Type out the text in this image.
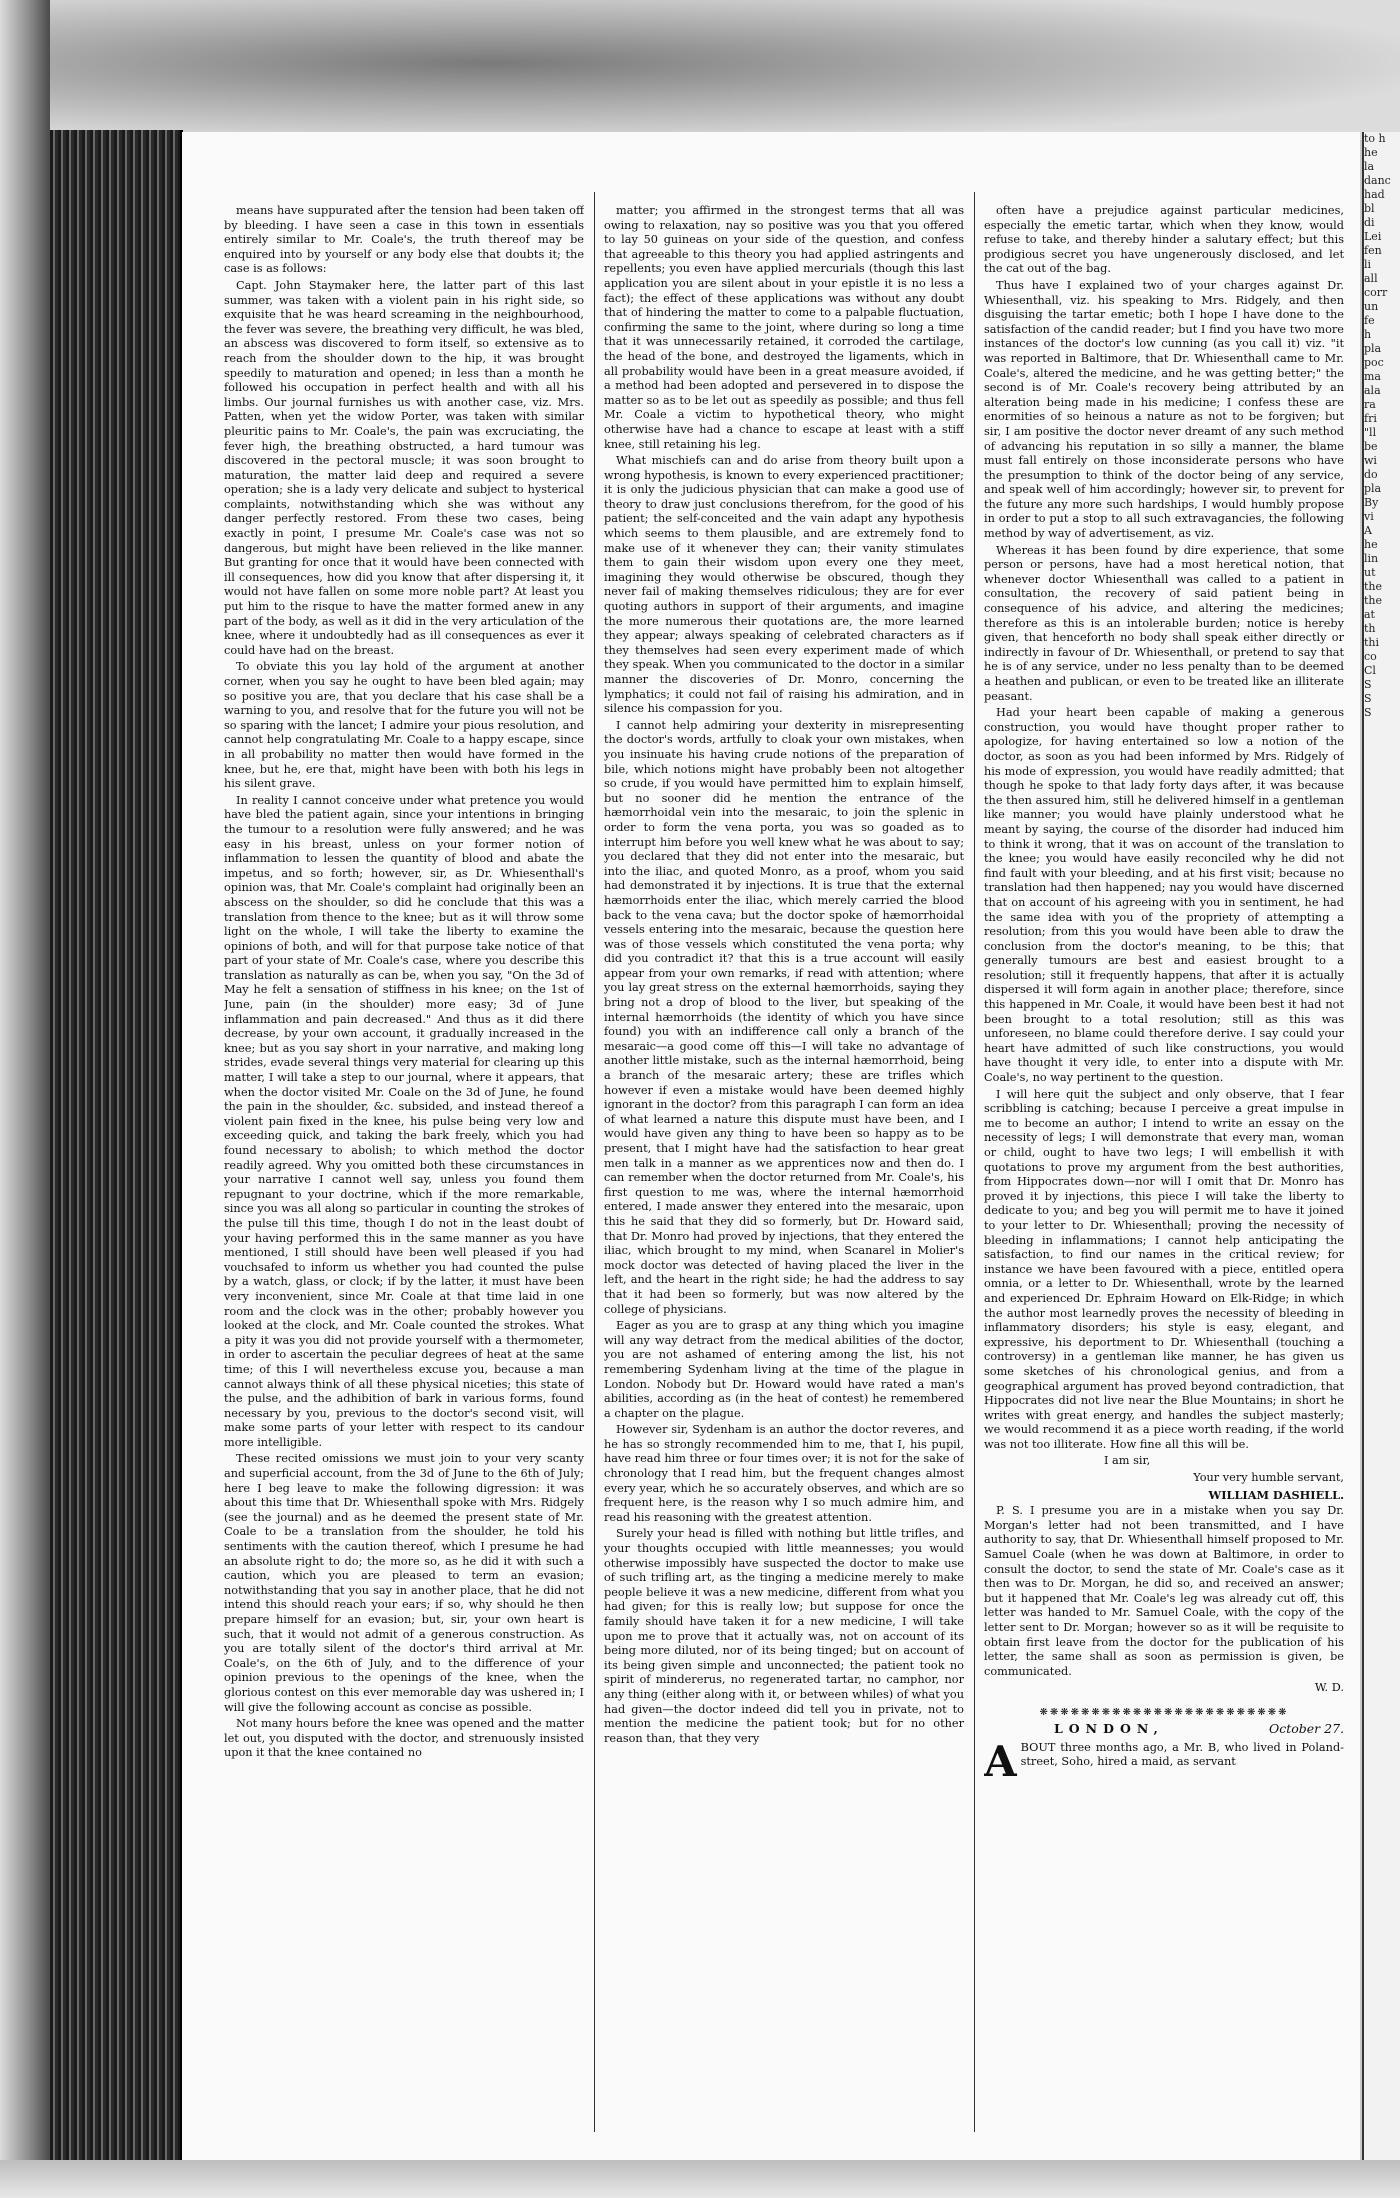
means have suppurated after the tension had been taken off by bleeding. I have seen a case in this town in essentials entirely similar to Mr. Coale's, the truth thereof may be enquired into by yourself or any body else that doubts it; the case is as follows:

Capt. John Staymaker here, the latter part of this last summer, was taken with a violent pain in his right side, so exquisite that he was heard screaming in the neighbourhood, the fever was severe, the breathing very difficult, he was bled, an abscess was discovered to form itself, so extensive as to reach from the shoulder down to the hip, it was brought speedily to maturation and opened; in less than a month he followed his occupation in perfect health and with all his limbs. Our journal furnishes us with another case, viz. Mrs. Patten, when yet the widow Porter, was taken with similar pleuritic pains to Mr. Coale's, the pain was excruciating, the fever high, the breathing obstructed, a hard tumour was discovered in the pectoral muscle; it was soon brought to maturation, the matter laid deep and required a severe operation; she is a lady very delicate and subject to hysterical complaints, notwithstanding which she was without any danger perfectly restored. From these two cases, being exactly in point, I presume Mr. Coale's case was not so dangerous, but might have been relieved in the like manner. But granting for once that it would have been connected with ill consequences, how did you know that after dispersing it, it would not have fallen on some more noble part? At least you put him to the risque to have the matter formed anew in any part of the body, as well as it did in the very articulation of the knee, where it undoubtedly had as ill consequences as ever it could have had on the breast.

To obviate this you lay hold of the argument at another corner, when you say he ought to have been bled again; may so positive you are, that you declare that his case shall be a warning to you, and resolve that for the future you will not be so sparing with the lancet; I admire your pious resolution, and cannot help congratulating Mr. Coale to a happy escape, since in all probability no matter then would have formed in the knee, but he, ere that, might have been with both his legs in his silent grave.

In reality I cannot conceive under what pretence you would have bled the patient again, since your intentions in bringing the tumour to a resolution were fully answered; and he was easy in his breast, unless on your former notion of inflammation to lessen the quantity of blood and abate the impetus, and so forth; however, sir, as Dr. Whiesenthall's opinion was, that Mr. Coale's complaint had originally been an abscess on the shoulder, so did he conclude that this was a translation from thence to the knee; but as it will throw some light on the whole, I will take the liberty to examine the opinions of both, and will for that purpose take notice of that part of your state of Mr. Coale's case, where you describe this translation as naturally as can be, when you say, "On the 3d of May he felt a sensation of stiffness in his knee; on the 1st of June, pain (in the shoulder) more easy; 3d of June inflammation and pain decreased." And thus as it did there decrease, by your own account, it gradually increased in the knee; but as you say short in your narrative, and making long strides, evade several things very material for clearing up this matter, I will take a step to our journal, where it appears, that when the doctor visited Mr. Coale on the 3d of June, he found the pain in the shoulder, &c. subsided, and instead thereof a violent pain fixed in the knee, his pulse being very low and exceeding quick, and taking the bark freely, which you had found necessary to abolish; to which method the doctor readily agreed. Why you omitted both these circumstances in your narrative I cannot well say, unless you found them repugnant to your doctrine, which if the more remarkable, since you was all along so particular in counting the strokes of the pulse till this time, though I do not in the least doubt of your having performed this in the same manner as you have mentioned, I still should have been well pleased if you had vouchsafed to inform us whether you had counted the pulse by a watch, glass, or clock; if by the latter, it must have been very inconvenient, since Mr. Coale at that time laid in one room and the clock was in the other; probably however you looked at the clock, and Mr. Coale counted the strokes. What a pity it was you did not provide yourself with a thermometer, in order to ascertain the peculiar degrees of heat at the same time; of this I will nevertheless excuse you, because a man cannot always think of all these physical niceties; this state of the pulse, and the adhibition of bark in various forms, found necessary by you, previous to the doctor's second visit, will make some parts of your letter with respect to its candour more intelligible.

These recited omissions we must join to your very scanty and superficial account, from the 3d of June to the 6th of July; here I beg leave to make the following digression: it was about this time that Dr. Whiesenthall spoke with Mrs. Ridgely (see the journal) and as he deemed the present state of Mr. Coale to be a translation from the shoulder, he told his sentiments with the caution thereof, which I presume he had an absolute right to do; the more so, as he did it with such a caution, which you are pleased to term an evasion; notwithstanding that you say in another place, that he did not intend this should reach your ears; if so, why should he then prepare himself for an evasion; but, sir, your own heart is such, that it would not admit of a generous construction. As you are totally silent of the doctor's third arrival at Mr. Coale's, on the 6th of July, and to the difference of your opinion previous to the openings of the knee, when the glorious contest on this ever memorable day was ushered in; I will give the following account as concise as possible.

Not many hours before the knee was opened and the matter let out, you disputed with the doctor, and strenuously insisted upon it that the knee contained no

matter; you affirmed in the strongest terms that all was owing to relaxation, nay so positive was you that you offered to lay 50 guineas on your side of the question, and confess that agreeable to this theory you had applied astringents and repellents; you even have applied mercurials (though this last application you are silent about in your epistle it is no less a fact); the effect of these applications was without any doubt that of hindering the matter to come to a palpable fluctuation, confirming the same to the joint, where during so long a time that it was unnecessarily retained, it corroded the cartilage, the head of the bone, and destroyed the ligaments, which in all probability would have been in a great measure avoided, if a method had been adopted and persevered in to dispose the matter so as to be let out as speedily as possible; and thus fell Mr. Coale a victim to hypothetical theory, who might otherwise have had a chance to escape at least with a stiff knee, still retaining his leg.

What mischiefs can and do arise from theory built upon a wrong hypothesis, is known to every experienced practitioner; it is only the judicious physician that can make a good use of theory to draw just conclusions therefrom, for the good of his patient; the self-conceited and the vain adapt any hypothesis which seems to them plausible, and are extremely fond to make use of it whenever they can; their vanity stimulates them to gain their wisdom upon every one they meet, imagining they would otherwise be obscured, though they never fail of making themselves ridiculous; they are for ever quoting authors in support of their arguments, and imagine the more numerous their quotations are, the more learned they appear; always speaking of celebrated characters as if they themselves had seen every experiment made of which they speak. When you communicated to the doctor in a similar manner the discoveries of Dr. Monro, concerning the lymphatics; it could not fail of raising his admiration, and in silence his compassion for you.

I cannot help admiring your dexterity in misrepresenting the doctor's words, artfully to cloak your own mistakes, when you insinuate his having crude notions of the preparation of bile, which notions might have probably been not altogether so crude, if you would have permitted him to explain himself, but no sooner did he mention the entrance of the hæmorrhoidal vein into the mesaraic, to join the splenic in order to form the vena porta, you was so goaded as to interrupt him before you well knew what he was about to say; you declared that they did not enter into the mesaraic, but into the iliac, and quoted Monro, as a proof, whom you said had demonstrated it by injections. It is true that the external hæmorrhoids enter the iliac, which merely carried the blood back to the vena cava; but the doctor spoke of hæmorrhoidal vessels entering into the mesaraic, because the question here was of those vessels which constituted the vena porta; why did you contradict it? that this is a true account will easily appear from your own remarks, if read with attention; where you lay great stress on the external hæmorrhoids, saying they bring not a drop of blood to the liver, but speaking of the internal hæmorrhoids (the identity of which you have since found) you with an indifference call only a branch of the mesaraic—a good come off this—I will take no advantage of another little mistake, such as the internal hæmorrhoid, being a branch of the mesaraic artery; these are trifles which however if even a mistake would have been deemed highly ignorant in the doctor? from this paragraph I can form an idea of what learned a nature this dispute must have been, and I would have given any thing to have been so happy as to be present, that I might have had the satisfaction to hear great men talk in a manner as we apprentices now and then do. I can remember when the doctor returned from Mr. Coale's, his first question to me was, where the internal hæmorrhoid entered, I made answer they entered into the mesaraic, upon this he said that they did so formerly, but Dr. Howard said, that Dr. Monro had proved by injections, that they entered the iliac, which brought to my mind, when Scanarel in Molier's mock doctor was detected of having placed the liver in the left, and the heart in the right side; he had the address to say that it had been so formerly, but was now altered by the college of physicians.

Eager as you are to grasp at any thing which you imagine will any way detract from the medical abilities of the doctor, you are not ashamed of entering among the list, his not remembering Sydenham living at the time of the plague in London. Nobody but Dr. Howard would have rated a man's abilities, according as (in the heat of contest) he remembered a chapter on the plague.

However sir, Sydenham is an author the doctor reveres, and he has so strongly recommended him to me, that I, his pupil, have read him three or four times over; it is not for the sake of chronology that I read him, but the frequent changes almost every year, which he so accurately observes, and which are so frequent here, is the reason why I so much admire him, and read his reasoning with the greatest attention.

Surely your head is filled with nothing but little trifles, and your thoughts occupied with little meannesses; you would otherwise impossibly have suspected the doctor to make use of such trifling art, as the tinging a medicine merely to make people believe it was a new medicine, different from what you had given; for this is really low; but suppose for once the family should have taken it for a new medicine, I will take upon me to prove that it actually was, not on account of its being more diluted, nor of its being tinged; but on account of its being given simple and unconnected; the patient took no spirit of mindererus, no regenerated tartar, no camphor, nor any thing (either along with it, or between whiles) of what you had given—the doctor indeed did tell you in private, not to mention the medicine the patient took; but for no other reason than, that they very

often have a prejudice against particular medicines, especially the emetic tartar, which when they know, would refuse to take, and thereby hinder a salutary effect; but this prodigious secret you have ungenerously disclosed, and let the cat out of the bag.

Thus have I explained two of your charges against Dr. Whiesenthall, viz. his speaking to Mrs. Ridgely, and then disguising the tartar emetic; both I hope I have done to the satisfaction of the candid reader; but I find you have two more instances of the doctor's low cunning (as you call it) viz. "it was reported in Baltimore, that Dr. Whiesenthall came to Mr. Coale's, altered the medicine, and he was getting better;" the second is of Mr. Coale's recovery being attributed by an alteration being made in his medicine; I confess these are enormities of so heinous a nature as not to be forgiven; but sir, I am positive the doctor never dreamt of any such method of advancing his reputation in so silly a manner, the blame must fall entirely on those inconsiderate persons who have the presumption to think of the doctor being of any service, and speak well of him accordingly; however sir, to prevent for the future any more such hardships, I would humbly propose in order to put a stop to all such extravagancies, the following method by way of advertisement, as viz.

Whereas it has been found by dire experience, that some person or persons, have had a most heretical notion, that whenever doctor Whiesenthall was called to a patient in consultation, the recovery of said patient being in consequence of his advice, and altering the medicines; therefore as this is an intolerable burden; notice is hereby given, that henceforth no body shall speak either directly or indirectly in favour of Dr. Whiesenthall, or pretend to say that he is of any service, under no less penalty than to be deemed a heathen and publican, or even to be treated like an illiterate peasant.

Had your heart been capable of making a generous construction, you would have thought proper rather to apologize, for having entertained so low a notion of the doctor, as soon as you had been informed by Mrs. Ridgely of his mode of expression, you would have readily admitted; that though he spoke to that lady forty days after, it was because the then assured him, still he delivered himself in a gentleman like manner; you would have plainly understood what he meant by saying, the course of the disorder had induced him to think it wrong, that it was on account of the translation to the knee; you would have easily reconciled why he did not find fault with your bleeding, and at his first visit; because no translation had then happened; nay you would have discerned that on account of his agreeing with you in sentiment, he had the same idea with you of the propriety of attempting a resolution; from this you would have been able to draw the conclusion from the doctor's meaning, to be this; that generally tumours are best and easiest brought to a resolution; still it frequently happens, that after it is actually dispersed it will form again in another place; therefore, since this happened in Mr. Coale, it would have been best it had not been brought to a total resolution; still as this was unforeseen, no blame could therefore derive. I say could your heart have admitted of such like constructions, you would have thought it very idle, to enter into a dispute with Mr. Coale's, no way pertinent to the question.

I will here quit the subject and only observe, that I fear scribbling is catching; because I perceive a great impulse in me to become an author; I intend to write an essay on the necessity of legs; I will demonstrate that every man, woman or child, ought to have two legs; I will embellish it with quotations to prove my argument from the best authorities, from Hippocrates down—nor will I omit that Dr. Monro has proved it by injections, this piece I will take the liberty to dedicate to you; and beg you will permit me to have it joined to your letter to Dr. Whiesenthall; proving the necessity of bleeding in inflammations; I cannot help anticipating the satisfaction, to find our names in the critical review; for instance we have been favoured with a piece, entitled opera omnia, or a letter to Dr. Whiesenthall, wrote by the learned and experienced Dr. Ephraim Howard on Elk-Ridge; in which the author most learnedly proves the necessity of bleeding in inflammatory disorders; his style is easy, elegant, and expressive, his deportment to Dr. Whiesenthall (touching a controversy) in a gentleman like manner, he has given us some sketches of his chronological genius, and from a geographical argument has proved beyond contradiction, that Hippocrates did not live near the Blue Mountains; in short he writes with great energy, and handles the subject masterly; we would recommend it as a piece worth reading, if the world was not too illiterate. How fine all this will be.

I am sir,
Your very humble servant,
WILLIAM DASHIELL.

P. S. I presume you are in a mistake when you say Dr. Morgan's letter had not been transmitted, and I have authority to say, that Dr. Whiesenthall himself proposed to Mr. Samuel Coale (when he was down at Baltimore, in order to consult the doctor, to send the state of Mr. Coale's case as it then was to Dr. Morgan, he did so, and received an answer; but it happened that Mr. Coale's leg was already cut off, this letter was handed to Mr. Samuel Coale, with the copy of the letter sent to Dr. Morgan; however so as it will be requisite to obtain first leave from the doctor for the publication of his letter, the same shall as soon as permission is given, be communicated.

W. D.
❋❋❋❋❋❋❋❋❋❋❋❋❋❋❋❋❋❋❋❋❋❋❋❋
LONDON,	October 27.

A BOUT three months ago, a Mr. B, who lived in Poland-street, Soho, hired a maid, as servant

to h
he
la
danc
had
bl
di
Lei
fen
li
all
corr
un
fe
h
pla
poc
ma
ala
ra
fri
"ll
be
wi
do
pla
By
vi
A
he
lin
ut
the
the
at
th
thi
co
Cl
S
S
S
